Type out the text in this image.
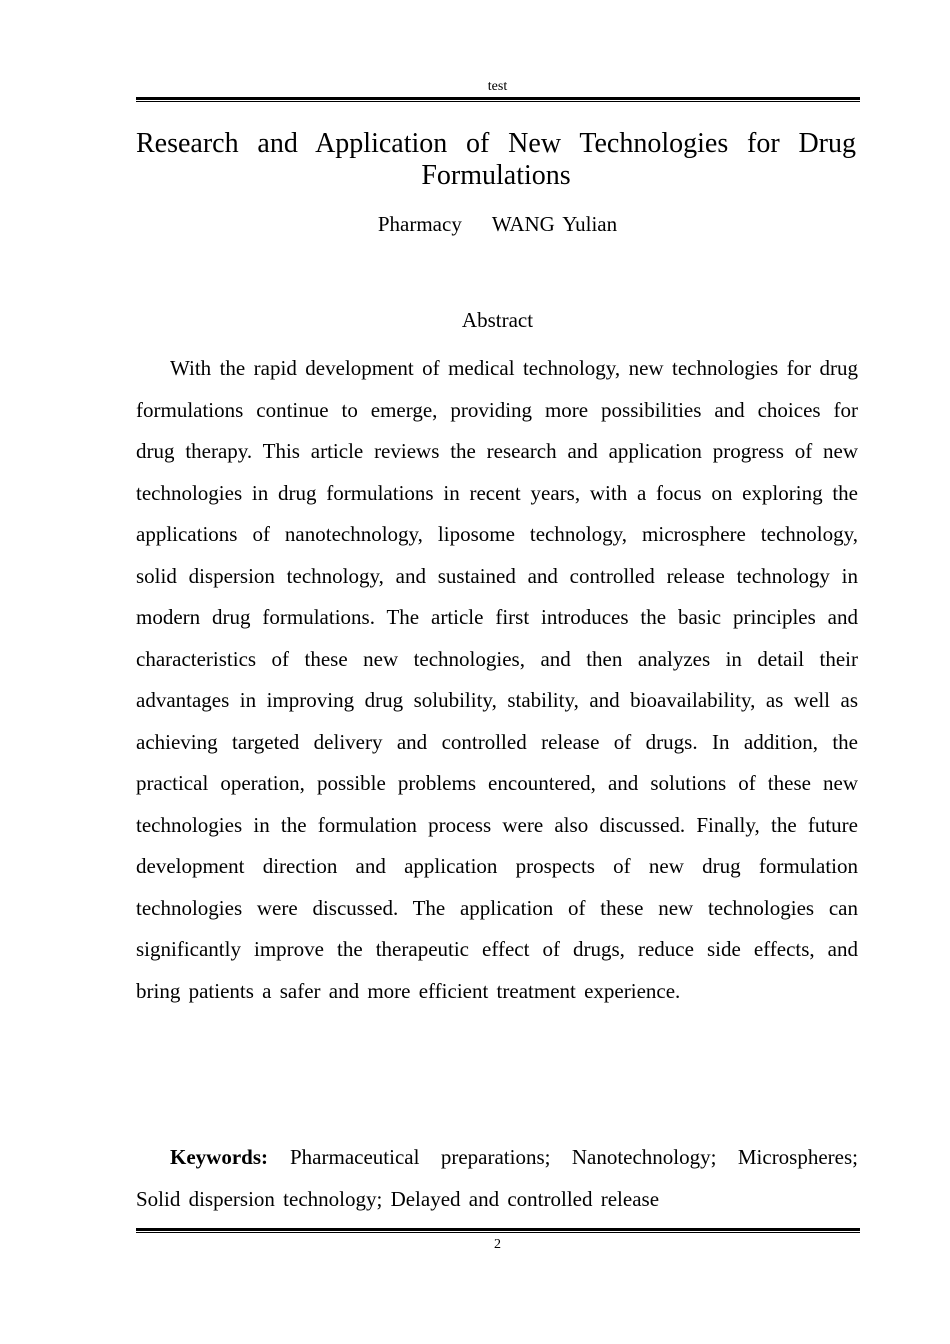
test
Research and Application of New Technologies for Drug Formulations
Pharmacy WANG Yulian
Abstract

With the rapid development of medical technology, new technologies for drug formulations continue to emerge, providing more possibilities and choices for drug therapy. This article reviews the research and application progress of new technologies in drug formulations in recent years, with a focus on exploring the applications of nanotechnology, liposome technology, microsphere technology, solid dispersion technology, and sustained and controlled release technology in modern drug formulations. The article first introduces the basic principles and characteristics of these new technologies, and then analyzes in detail their advantages in improving drug solubility, stability, and bioavailability, as well as achieving targeted delivery and controlled release of drugs. In addition, the practical operation, possible problems encountered, and solutions of these new technologies in the formulation process were also discussed. Finally, the future development direction and application prospects of new drug formulation technologies were discussed. The application of these new technologies can significantly improve the therapeutic effect of drugs, reduce side effects, and bring patients a safer and more efficient treatment experience.

Keywords: Pharmaceutical preparations; Nanotechnology; Microspheres; Solid dispersion technology; Delayed and controlled release

2
